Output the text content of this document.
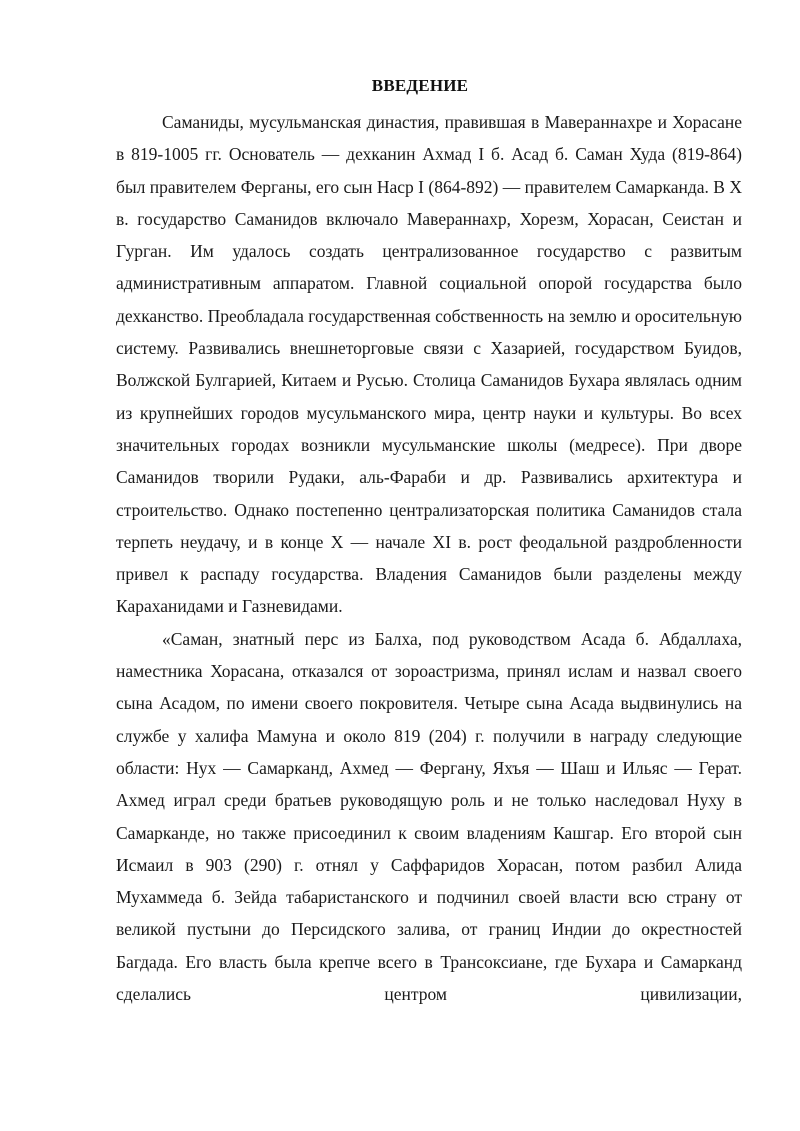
ВВЕДЕНИЕ

Саманиды, мусульманская династия, правившая в Мавераннахре и Хорасане в 819-1005 гг. Основатель — дехканин Ахмад I б. Асад б. Саман Худа (819-864) был правителем Ферганы, его сын Наср I (864-892) — правителем Самарканда. В X в. государство Саманидов включало Мавераннахр, Хорезм, Хорасан, Сеистан и Гурган. Им удалось создать централизованное государство с развитым административным аппаратом. Главной социальной опорой государства было дехканство. Преобладала государственная собственность на землю и оросительную систему. Развивались внешнеторговые связи с Хазарией, государством Буидов, Волжской Булгарией, Китаем и Русью. Столица Саманидов Бухара являлась одним из крупнейших городов мусульманского мира, центр науки и культуры. Во всех значительных городах возникли мусульманские школы (медресе). При дворе Саманидов творили Рудаки, аль-Фараби и др. Развивались архитектура и строительство. Однако постепенно централизаторская политика Саманидов стала терпеть неудачу, и в конце X — начале XI в. рост феодальной раздробленности привел к распаду государства. Владения Саманидов были разделены между Караханидами и Газневидами.

«Саман, знатный перс из Балха, под руководством Асада б. Абдаллаха, наместника Хорасана, отказался от зороастризма, принял ислам и назвал своего сына Асадом, по имени своего покровителя. Четыре сына Асада выдвинулись на службе у халифа Мамуна и около 819 (204) г. получили в награду следующие области: Нух — Самарканд, Ахмед — Фергану, Яхъя — Шаш и Ильяс — Герат. Ахмед играл среди братьев руководящую роль и не только наследовал Нуху в Самарканде, но также присоединил к своим владениям Кашгар. Его второй сын Исмаил в 903 (290) г. отнял у Саффаридов Хорасан, потом разбил Алида Мухаммеда б. Зейда табаристанского и подчинил своей власти всю страну от великой пустыни до Персидского залива, от границ Индии до окрестностей Багдада. Его власть была крепче всего в Трансоксиане, где Бухара и Самарканд сделались центром цивилизации,
